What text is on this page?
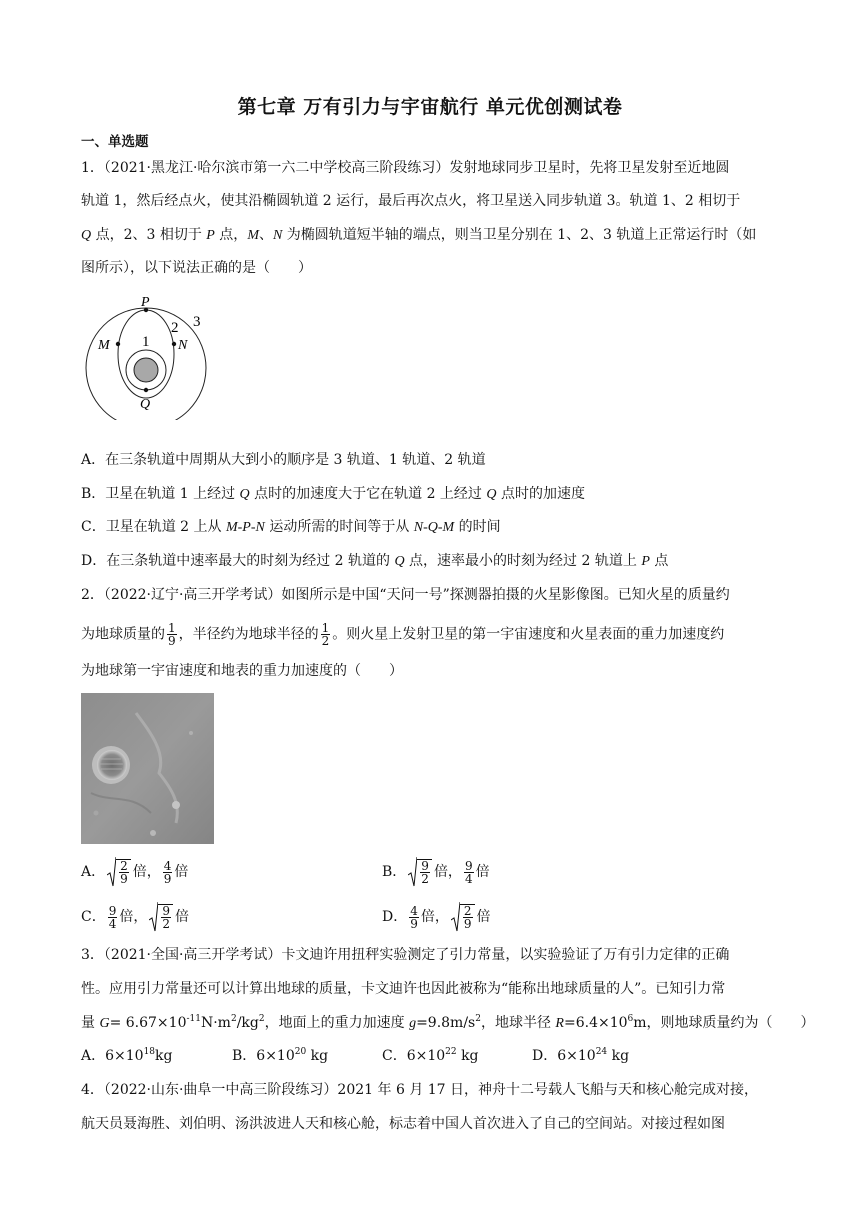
第七章 万有引力与宇宙航行 单元优创测试卷
一、单选题
1．（2021·黑龙江·哈尔滨市第一六二中学校高三阶段练习）发射地球同步卫星时，先将卫星发射至近地圆
轨道 1，然后经点火，使其沿椭圆轨道 2 运行，最后再次点火，将卫星送入同步轨道 3。轨道 1、2 相切于
Q 点，2、3 相切于 P 点，M、N 为椭圆轨道短半轴的端点，则当卫星分别在 1、2、3 轨道上正常运行时（如
图所示），以下说法正确的是（　　）
P
Q
M	N
1
2 3
A．在三条轨道中周期从大到小的顺序是 3 轨道、1 轨道、2 轨道
B．卫星在轨道 1 上经过 Q 点时的加速度大于它在轨道 2 上经过 Q 点时的加速度
C．卫星在轨道 2 上从 M-P-N 运动所需的时间等于从 N-Q-M 的时间
D．在三条轨道中速率最大的时刻为经过 2 轨道的 Q 点，速率最小的时刻为经过 2 轨道上 P 点
2．（2022·辽宁·高三开学考试）如图所示是中国“天问一号”探测器拍摄的火星影像图。已知火星的质量约
为地球质量的 $\frac{1}{9}$ ，半径约为地球半径的 $\frac{1}{2}$ 。则火星上发射卫星的第一宇宙速度和火星表面的重力加速度约
为地球第一宇宙速度和地表的重力加速度的（　　）
A． $\frac{2}{9}$ 倍， $\frac{4}{9}$ 倍	B． $\frac{9}{2}$ 倍， $\frac{9}{4}$ 倍
C． $\frac{9}{4}$ 倍， $\frac{9}{2}$ 倍	D． $\frac{4}{9}$ 倍， $\frac{2}{9}$ 倍
3．（2021·全国·高三开学考试）卡文迪许用扭秤实验测定了引力常量，以实验验证了万有引力定律的正确
性。应用引力常量还可以计算出地球的质量，卡文迪许也因此被称为“能称出地球质量的人”。已知引力常
量 $G= 6.67\times 10^{-11}N\cdot m^2/kg^2$，地面上的重力加速度 $g=9.8m/s^2$，地球半径 $R=6.4\times 10^6m$，则地球质量约为（　　）
A．$6\times 10^{18}kg$	B．$6\times 10^{20}$ kg	C．$6\times 10^{22}$ kg	D．$6\times 10^{24}$ kg
4．（2022·山东·曲阜一中高三阶段练习）2021 年 6 月 17 日，神舟十二号载人飞船与天和核心舱完成对接，
航天员聂海胜、刘伯明、汤洪波进人天和核心舱，标志着中国人首次进入了自己的空间站。对接过程如图
